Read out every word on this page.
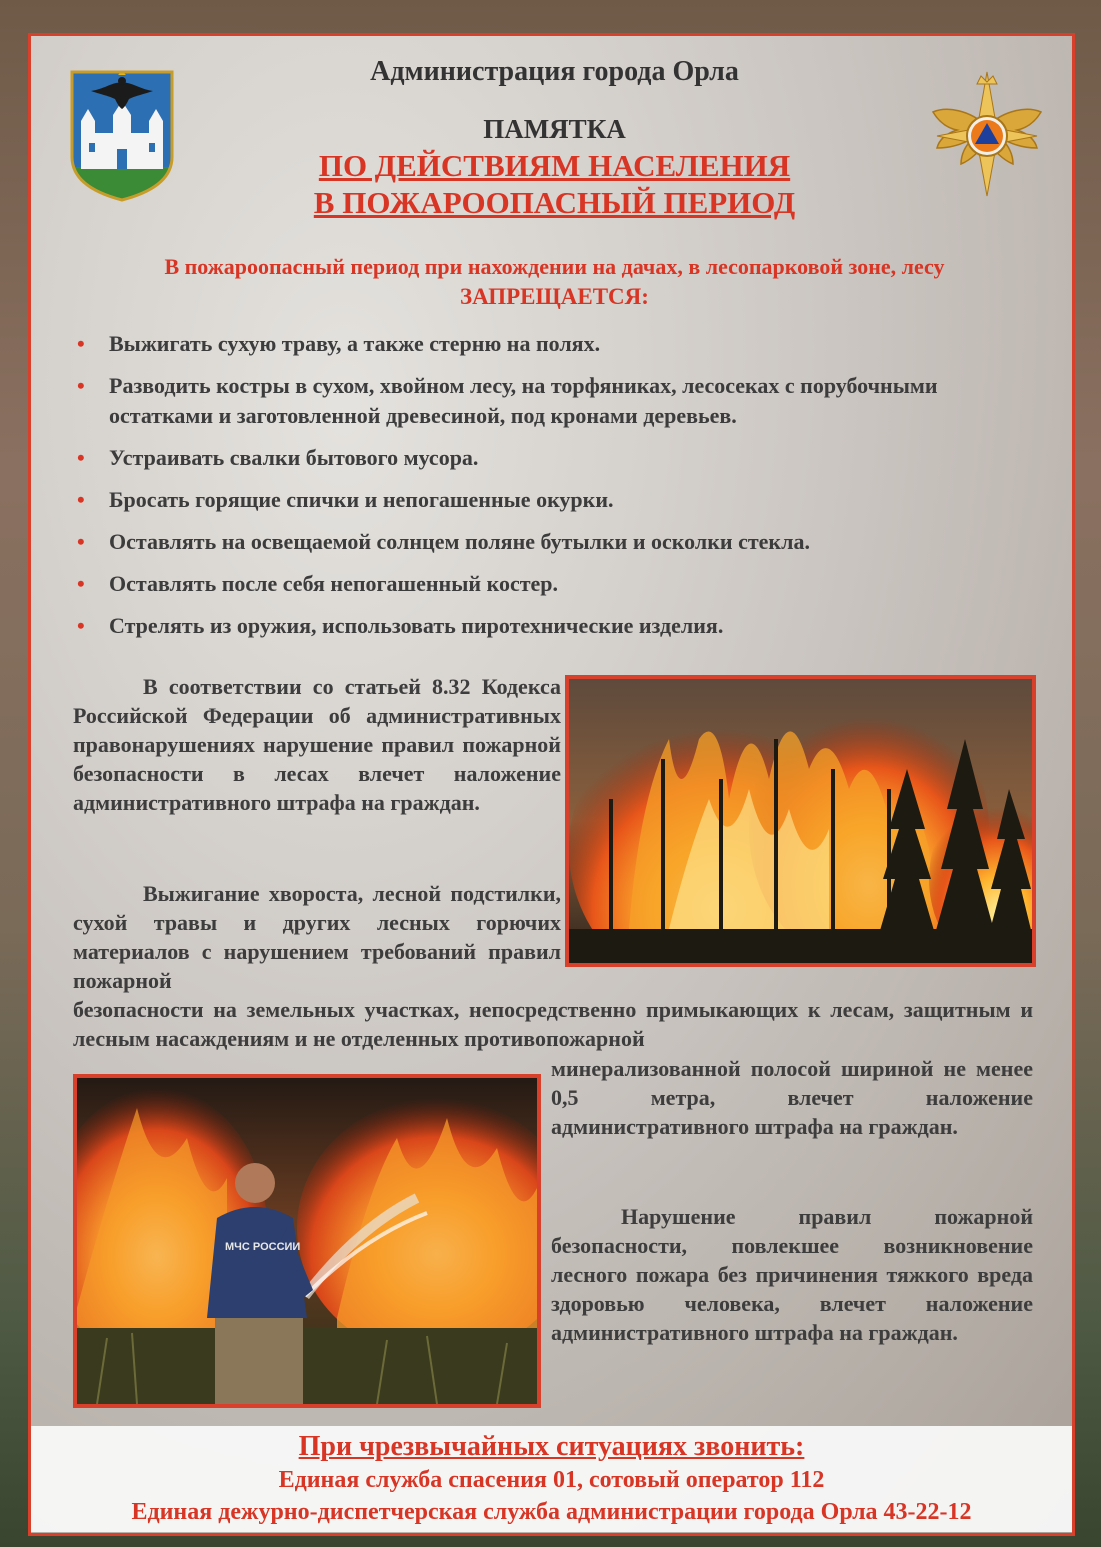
Администрация города Орла
ПАМЯТКА
ПО ДЕЙСТВИЯМ НАСЕЛЕНИЯ
В ПОЖАРООПАСНЫЙ ПЕРИОД
В пожароопасный период при нахождении на дачах, в лесопарковой зоне, лесу
ЗАПРЕЩАЕТСЯ:
• Выжигать сухую траву, а также стерню на полях.
• Разводить костры в сухом, хвойном лесу, на торфяниках, лесосеках с порубочными остатками и заготовленной древесиной, под кронами деревьев.
• Устраивать свалки бытового мусора.
• Бросать горящие спички и непогашенные окурки.
• Оставлять на освещаемой солнцем поляне бутылки и осколки стекла.
• Оставлять после себя непогашенный костер.
• Стрелять из оружия, использовать пиротехнические изделия.
В соответствии со статьей 8.32 Кодекса Российской Федерации об административных правонарушениях нарушение правил пожарной безопасности в лесах влечет наложение административного штрафа на граждан.
Выжигание хвороста, лесной подстилки, сухой травы и других лесных горючих материалов с нарушением требований правил пожарной
безопасности на земельных участках, непосредственно примыкающих к лесам, защитным и лесным насаждениям и не отделенных противопожарной
МЧС РОССИИ
минерализованной полосой шириной не менее 0,5 метра, влечет наложение административного штрафа на граждан.
Нарушение правил пожарной безопасности, повлекшее возникновение лесного пожара без причинения тяжкого вреда здоровью человека, влечет наложение административного штрафа на граждан.
При чрезвычайных ситуациях звонить:
Единая служба спасения 01, сотовый оператор 112
Единая дежурно-диспетчерская служба администрации города Орла 43-22-12
